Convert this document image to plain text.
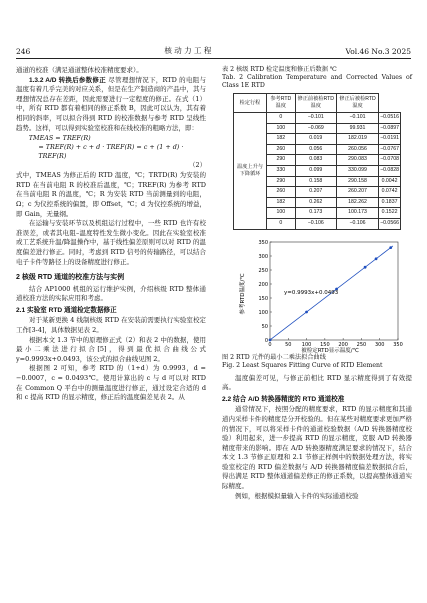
246	核 动 力 工 程	Vol.46 No.3 2025

通道的校准（满足通道整体校准精度要求）。

1.3.2 A/D 转换后参数修正 尽管理想情况下，RTD 的电阻与温度有着几乎完美的对应关系，但是在生产制造商的产品中，其与理想情况总存在差距，因此需要进行一定程度的修正。在式（1）中，所有 RTD 都有着相同的修正系数 B，因此可以认为，其有着相同的斜率，可以拟合得到 RTD 的校准数据与参考 RTD 呈线性趋势。这样，可以得到实验室校准和在线校准的粗略方法，即：

TMEAS = TREF(R)
= TREF(R) + c + d · TREF(R) = c + (1 + d) · TREF(R)
（2）

式中，TMEAS 为修正后的 RTD 温度，℃；TRTD(R) 为安装的 RTD 在当前电阻 R 的校准后温度，℃；TREF(R) 为参考 RTD 在当前电阻 R 的温度，℃；R 为安装 RTD 当前测量到的电阻，Ω；c 为仪控系统的偏置，即 Offset，℃；d 为仪控系统的增益，即 Gain，无量纲。

在运输与安装环节以及机组运行过程中，一些 RTD 也许有校准误差，或者其电阻–温度特性发生微小变化。因此在实验室校准或工艺系统升温/降温操作中，基于线性偏差原则可以对 RTD 的温度偏差进行修正。同时，考虑到 RTD 信号的传输路径，可以结合电子卡件等路径上的设备精度进行修正。

2 核级 RTD 通道的校准方法与实例

结合 AP1000 机组的运行维护实例，介绍核级 RTD 整体通道校准方法的实际应用和考虑。

2.1 实验室 RTD 通道检定数据修正

对于某新更换 4 线制核级 RTD 在安装前需要执行实验室校定工作[3-4]，具体数据见表 2。

根据本文 1.3 节中的原理修正式（2）和表 2 中的数据，使用最小二乘法进行拟合[5]，得到最优拟合曲线公式 y=0.9993x+0.0493，该公式的拟合曲线见图 2。

根据图 2 可知，参考 RTD 的（1+d）为 0.9993，d = −0.0007，c = 0.0493℃。使用计算出的 c 与 d 可以对 RTD 在 Common Q 平台中的测量温度进行修正，通过设定合适的 d 和 c 提高 RTD 的显示精度，修正后的温度偏差见表 2。从

表 2 核级 RTD 检定温度和修正后数据 ℃

Tab. 2 Calibration Temperature and Corrected Values of Class 1E RTD

检定行程	参考RTD温度	修正前被检RTD温度	修正后被检RTD温度	
温度上升与下降循环	0	−0.101	−0.101	−0.0516
	100	−0.069	99.931	−0.0897
	182	0.019	182.019	−0.0191
	260	0.056	260.056	−0.0767
	290	0.083	290.083	−0.0708
	330	0.099	330.099	−0.0828
	290	0.158	290.158	0.0042
	260	0.207	260.207	0.0742
	182	0.262	182.262	0.1837
	100	0.173	100.173	0.1522
	0	−0.106	−0.106	−0.0566
0	50 100 150 200 250 300 350
0
50
100
150
200
250
300
350
参考RTD温度/℃
被检定RTD显示温度/℃
y=0.9993x+0.0493

图 2 RTD 元件的最小二乘法拟合曲线

Fig. 2 Least Squares Fitting Curve of RTD Element

温度偏差可见，与修正前相比 RTD 显示精度得到了有效提高。

2.2 结合 A/D 转换器精度的 RTD 通道校准

通常情况下，按照分配的精度要求，RTD 的显示精度和其通道内采样卡件的精度是分开校验的。但在某些对精度要求更加严格的情况下，可以将采样卡件的通道校验数据（A/D 转换器精度校验）利用起来，进一步提高 RTD 的显示精度，克服 A/D 转换器精度带来的影响。即在 A/D 转换器精度满足要求的情况下，结合本文 1.3 节修正原理和 2.1 节修正样例中的数据处理方法，将实验室校定的 RTD 偏差数据与 A/D 转换器精度偏差数据拟合后，得出满足 RTD 整体通道偏差修正的修正系数，以提高整体通道实际精度。

例如，根据模拟量输入卡件的实际通道校验
